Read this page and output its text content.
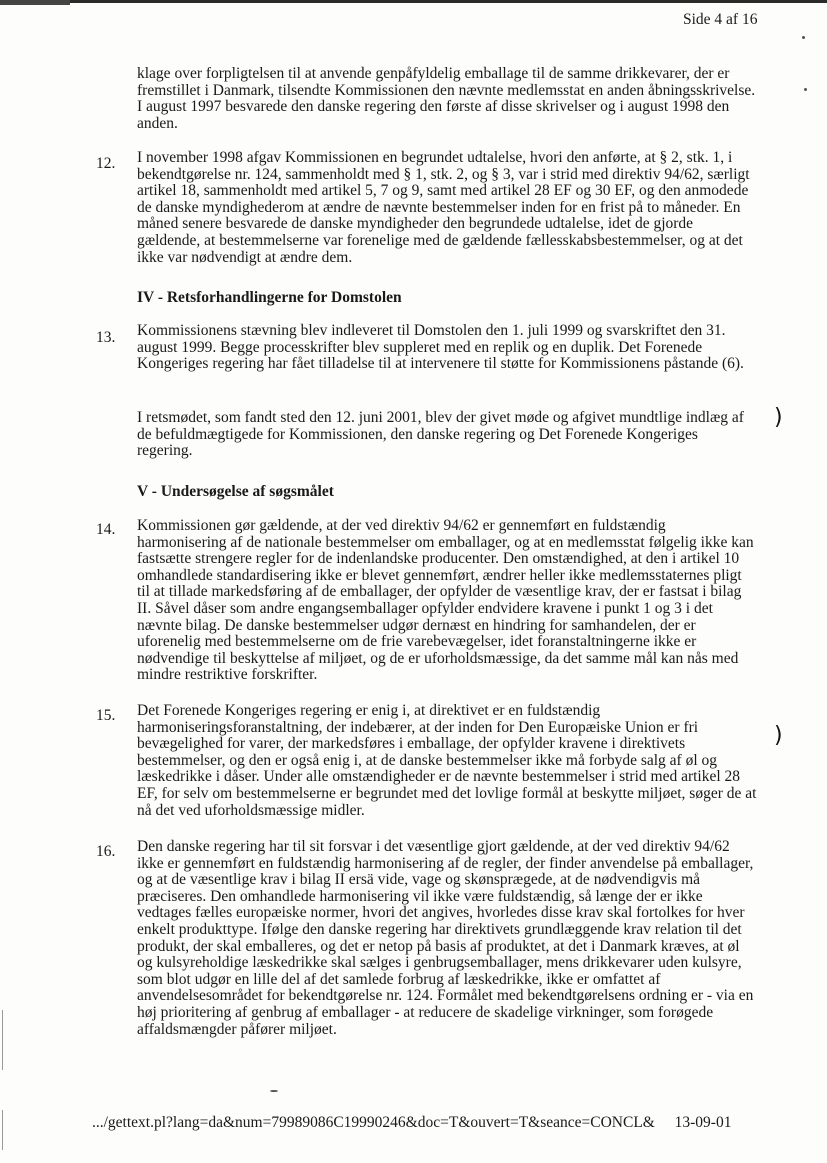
Side 4 af 16
klage over forpligtelsen til at anvende genpåfyldelig emballage til de samme drikkevarer, der er fremstillet i Danmark, tilsendte Kommissionen den nævnte medlemsstat en anden åbningsskrivelse. I august 1997 besvarede den danske regering den første af disse skrivelser og i august 1998 den anden.
12. I november 1998 afgav Kommissionen en begrundet udtalelse, hvori den anførte, at § 2, stk. 1, i bekendtgørelse nr. 124, sammenholdt med § 1, stk. 2, og § 3, var i strid med direktiv 94/62, særligt artikel 18, sammenholdt med artikel 5, 7 og 9, samt med artikel 28 EF og 30 EF, og den anmodede de danske myndighederom at ændre de nævnte bestemmelser inden for en frist på to måneder. En måned senere besvarede de danske myndigheder den begrundede udtalelse, idet de gjorde gældende, at bestemmelserne var forenelige med de gældende fællesskabsbestemmelser, og at det ikke var nødvendigt at ændre dem.
IV - Retsforhandlingerne for Domstolen
13. Kommissionens stævning blev indleveret til Domstolen den 1. juli 1999 og svarskriftet den 31. august 1999. Begge processkrifter blev suppleret med en replik og en duplik. Det Forenede Kongeriges regering har fået tilladelse til at intervenere til støtte for Kommissionens påstande (6).
I retsmødet, som fandt sted den 12. juni 2001, blev der givet møde og afgivet mundtlige indlæg af de befuldmægtigede for Kommissionen, den danske regering og Det Forenede Kongeriges regering.
V - Undersøgelse af søgsmålet
14. Kommissionen gør gældende, at der ved direktiv 94/62 er gennemført en fuldstændig harmonisering af de nationale bestemmelser om emballager, og at en medlemsstat følgelig ikke kan fastsætte strengere regler for de indenlandske producenter. Den omstændighed, at den i artikel 10 omhandlede standardisering ikke er blevet gennemført, ændrer heller ikke medlemsstaternes pligt til at tillade markedsføring af de emballager, der opfylder de væsentlige krav, der er fastsat i bilag II. Såvel dåser som andre engangsemballager opfylder endvidere kravene i punkt 1 og 3 i det nævnte bilag. De danske bestemmelser udgør dernæst en hindring for samhandelen, der er uforenelig med bestemmelserne om de frie varebevægelser, idet foranstaltningerne ikke er nødvendige til beskyttelse af miljøet, og de er uforholdsmæssige, da det samme mål kan nås med mindre restriktive forskrifter.
15. Det Forenede Kongeriges regering er enig i, at direktivet er en fuldstændig harmoniseringsforanstaltning, der indebærer, at der inden for Den Europæiske Union er fri bevægelighed for varer, der markedsføres i emballage, der opfylder kravene i direktivets bestemmelser, og den er også enig i, at de danske bestemmelser ikke må forbyde salg af øl og læskedrikke i dåser. Under alle omstændigheder er de nævnte bestemmelser i strid med artikel 28 EF, for selv om bestemmelserne er begrundet med det lovlige formål at beskytte miljøet, søger de at nå det ved uforholdsmæssige midler.
16. Den danske regering har til sit forsvar i det væsentlige gjort gældende, at der ved direktiv 94/62 ikke er gennemført en fuldstændig harmonisering af de regler, der finder anvendelse på emballager, og at de væsentlige krav i bilag II ersä vide, vage og skønsprægede, at de nødvendigvis må præciseres. Den omhandlede harmonisering vil ikke være fuldstændig, så længe der er ikke vedtages fælles europæiske normer, hvori det angives, hvorledes disse krav skal fortolkes for hver enkelt produkttype. Ifølge den danske regering har direktivets grundlæggende krav relation til det produkt, der skal emballeres, og det er netop på basis af produktet, at det i Danmark kræves, at øl og kulsyreholdige læskedrikke skal sælges i genbrugsemballager, mens drikkevarer uden kulsyre, som blot udgør en lille del af det samlede forbrug af læskedrikke, ikke er omfattet af anvendelsesområdet for bekendtgørelse nr. 124. Formålet med bekendtgørelsens ordning er - via en høj prioritering af genbrug af emballager - at reducere de skadelige virkninger, som forøgede affaldsmængder påfører miljøet.
.../gettext.pl?lang=da&num=79989086C19990246&doc=T&ouvert=T&seance=CONCL& 13-09-01
)
)
